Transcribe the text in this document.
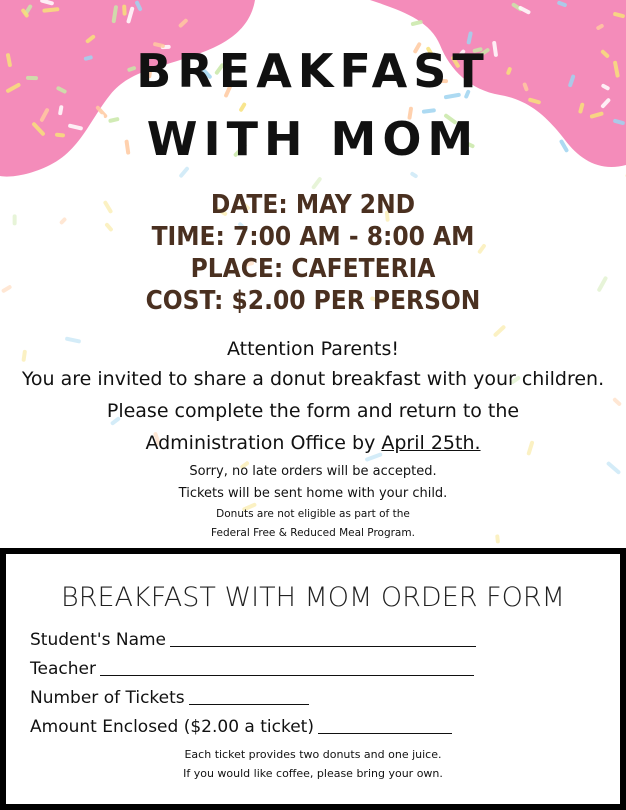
BREAKFAST
WITH MOM
DATE: MAY 2ND
TIME: 7:00 AM - 8:00 AM
PLACE: CAFETERIA
COST: $2.00 PER PERSON
Attention Parents!
You are invited to share a donut breakfast with your children.
Please complete the form and return to the
Administration Office by April 25th.
Sorry, no late orders will be accepted.
Tickets will be sent home with your child.
Donuts are not eligible as part of the
Federal Free & Reduced Meal Program.
BREAKFAST WITH MOM ORDER FORM
Student's Name
Teacher
Number of Tickets
Amount Enclosed ($2.00 a ticket)
Each ticket provides two donuts and one juice.
If you would like coffee, please bring your own.
